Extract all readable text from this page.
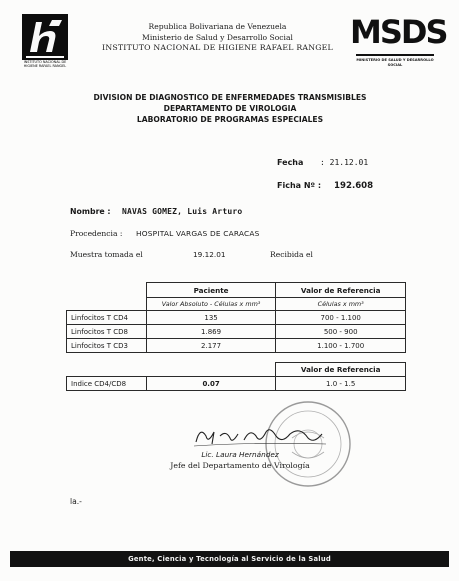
INSTITUTO NACIONAL DE HIGIENE RAFAEL RANGEL
Republica Bolivariana de Venezuela
Ministerio de Salud y Desarrollo Social
INSTITUTO NACIONAL DE HIGIENE RAFAEL RANGEL MSDS
MINISTERIO DE SALUD Y DESARROLLO SOCIAL
DIVISION DE DIAGNOSTICO DE ENFERMEDADES TRANSMISIBLES
DEPARTAMENTO DE VIROLOGIA
LABORATORIO DE PROGRAMAS ESPECIALES
Fecha : 21.12.01
Ficha Nº : 192.608
Nombre : NAVAS GOMEZ, Luis Arturo
Procedencia : HOSPITAL VARGAS DE CARACAS
Muestra tomada el	19.12.01	Recibida el
	Paciente	Valor de Referencia
	Valor Absoluto - Células x mm³	Células x mm³
Linfocitos T CD4	135	700 - 1.100
Linfocitos T CD8	1.869	500 - 900
Linfocitos T CD3	2.177	1.100 - 1.700
		Valor de Referencia
Indice CD4/CD8	0.07	1.0 - 1.5
Lic. Laura Hernández
Jefe del Departamento de Virología
la.-
Gente, Ciencia y Tecnología al Servicio de la Salud
